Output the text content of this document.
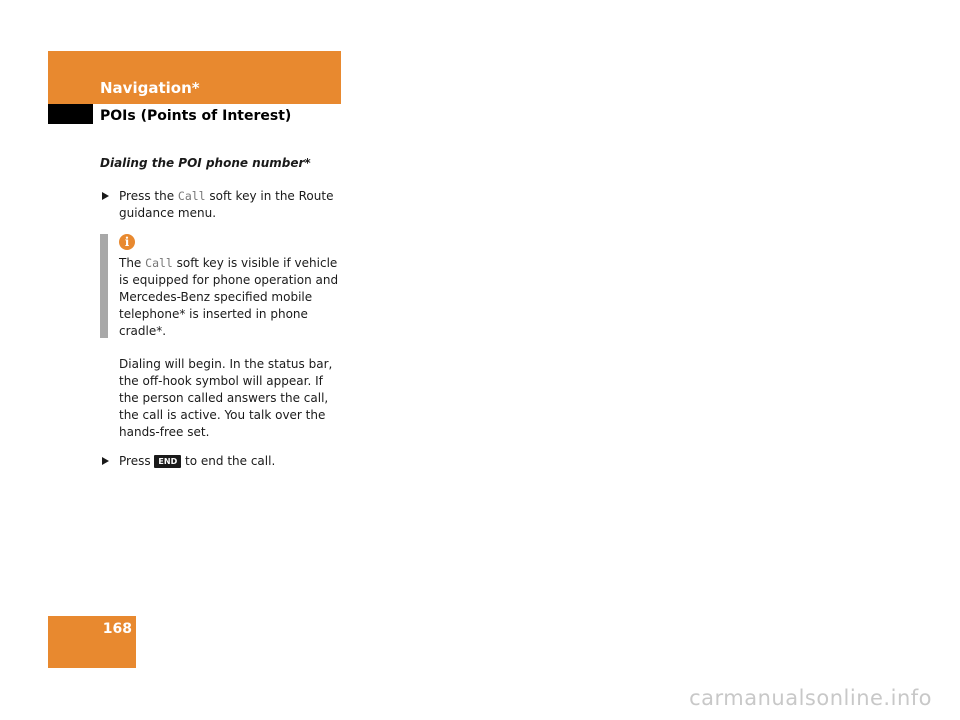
Navigation*
POIs (Points of Interest)
Dialing the POI phone number*
Press the Call soft key in the Route guidance menu.
i
The Call soft key is visible if vehicle is equipped for phone operation and Mercedes-Benz specified mobile telephone* is inserted in phone cradle*.
Dialing will begin. In the status bar, the off-hook symbol will appear. If the person called answers the call, the call is active. You talk over the hands-free set.
Press END to end the call.
168
carmanualsonline.info
